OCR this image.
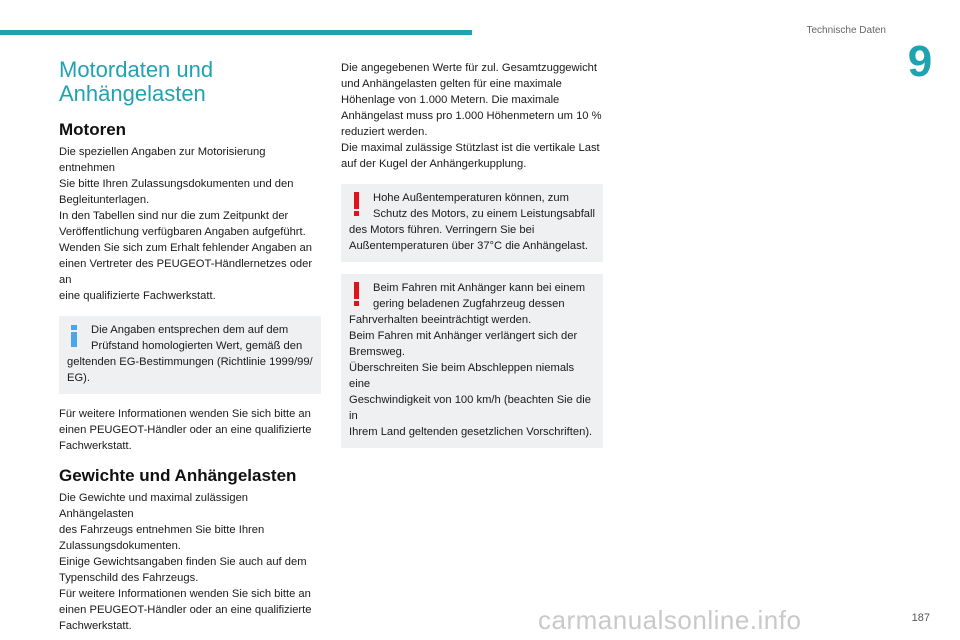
Technische Daten
9
Motordaten und
Anhängelasten
Motoren

Die speziellen Angaben zur Motorisierung entnehmen
Sie bitte Ihren Zulassungsdokumenten und den
Begleitunterlagen.
In den Tabellen sind nur die zum Zeitpunkt der
Veröffentlichung verfügbaren Angaben aufgeführt.
Wenden Sie sich zum Erhalt fehlender Angaben an
einen Vertreter des PEUGEOT-Händlernetzes oder an
eine qualifizierte Fachwerkstatt.

Die Angaben entsprechen dem auf dem
Prüfstand homologierten Wert, gemäß den
geltenden EG-Bestimmungen (Richtlinie 1999/99/
EG).

Für weitere Informationen wenden Sie sich bitte an
einen PEUGEOT-Händler oder an eine qualifizierte
Fachwerkstatt.

Gewichte und Anhängelasten

Die Gewichte und maximal zulässigen Anhängelasten
des Fahrzeugs entnehmen Sie bitte Ihren
Zulassungsdokumenten.
Einige Gewichtsangaben finden Sie auch auf dem
Typenschild des Fahrzeugs.
Für weitere Informationen wenden Sie sich bitte an
einen PEUGEOT-Händler oder an eine qualifizierte
Fachwerkstatt.

Die angegebenen Werte für zul. Gesamtzuggewicht
und Anhängelasten gelten für eine maximale
Höhenlage von 1.000 Metern. Die maximale
Anhängelast muss pro 1.000 Höhenmetern um 10 %
reduziert werden.
Die maximal zulässige Stützlast ist die vertikale Last
auf der Kugel der Anhängerkupplung.

Hohe Außentemperaturen können, zum
Schutz des Motors, zu einem Leistungsabfall
des Motors führen. Verringern Sie bei
Außentemperaturen über 37°C die Anhängelast.
Beim Fahren mit Anhänger kann bei einem
gering beladenen Zugfahrzeug dessen
Fahrverhalten beeinträchtigt werden.
Beim Fahren mit Anhänger verlängert sich der
Bremsweg.
Überschreiten Sie beim Abschleppen niemals eine
Geschwindigkeit von 100 km/h (beachten Sie die in
Ihrem Land geltenden gesetzlichen Vorschriften).
carmanualsonline.info	187
